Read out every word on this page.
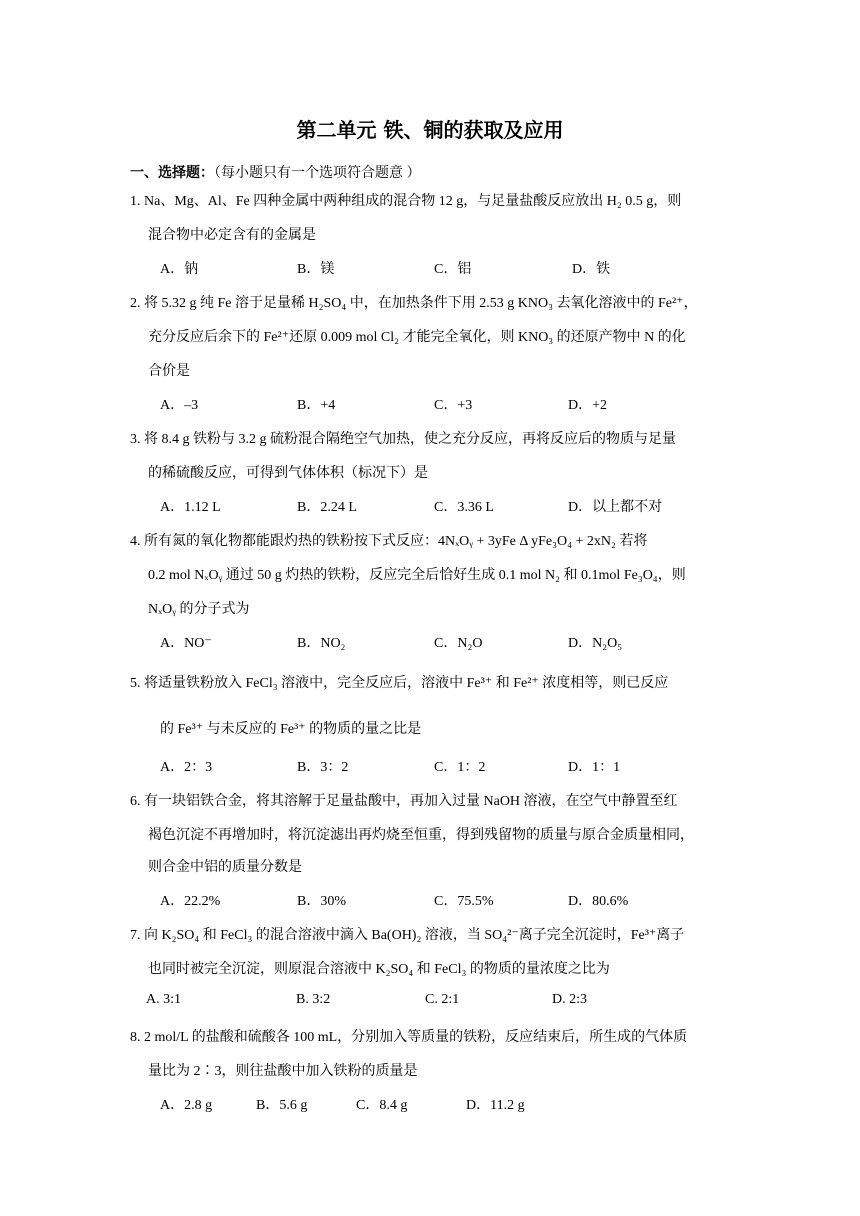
第二单元 铁、铜的获取及应用
一、选择题：（每小题只有一个选项符合题意 ）
1. Na、Mg、Al、Fe 四种金属中两种组成的混合物 12 g，与足量盐酸反应放出 H₂ 0.5 g，则
混合物中必定含有的金属是
A．钠	B．镁	C．铝	D．铁
2. 将 5.32 g 纯 Fe 溶于足量稀 H₂SO₄ 中，在加热条件下用 2.53 g KNO₃ 去氧化溶液中的 Fe²⁺，
充分反应后余下的 Fe²⁺还原 0.009 mol Cl₂ 才能完全氧化，则 KNO₃ 的还原产物中 N 的化
合价是
A．–3	B．+4	C．+3	D．+2
3. 将 8.4 g 铁粉与 3.2 g 硫粉混合隔绝空气加热，使之充分反应，再将反应后的物质与足量
的稀硫酸反应，可得到气体体积（标况下）是
A．1.12 L	B．2.24 L	C．3.36 L	D．以上都不对
4. 所有氮的氧化物都能跟灼热的铁粉按下式反应：4NₓOᵧ + 3yFe Δ yFe₃O₄ + 2xN₂ 若将
0.2 mol NₓOᵧ 通过 50 g 灼热的铁粉，反应完全后恰好生成 0.1 mol N₂ 和 0.1mol Fe₃O₄，则
NₓOᵧ 的分子式为
A．NO⁻	B．NO₂	C．N₂O	D．N₂O₅
5. 将适量铁粉放入 FeCl₃ 溶液中，完全反应后，溶液中 Fe³⁺ 和 Fe²⁺ 浓度相等，则已反应
的 Fe³⁺ 与未反应的 Fe³⁺ 的物质的量之比是
A．2：3	B．3：2	C．1：2	D．1：1
6. 有一块铝铁合金，将其溶解于足量盐酸中，再加入过量 NaOH 溶液，在空气中静置至红
褐色沉淀不再增加时，将沉淀滤出再灼烧至恒重，得到残留物的质量与原合金质量相同，
则合金中铝的质量分数是
A．22.2%	B．30%	C．75.5%	D．80.6%
7. 向 K₂SO₄ 和 FeCl₃ 的混合溶液中滴入 Ba(OH)₂ 溶液，当 SO₄²⁻离子完全沉淀时，Fe³⁺离子
也同时被完全沉淀，则原混合溶液中 K₂SO₄ 和 FeCl₃ 的物质的量浓度之比为
A. 3:1	B. 3:2	C. 2:1	D. 2:3
8. 2 mol/L 的盐酸和硫酸各 100 mL，分别加入等质量的铁粉，反应结束后，所生成的气体质
量比为 2∶3，则往盐酸中加入铁粉的质量是
A．2.8 g	B．5.6 g	C．8.4 g	D．11.2 g
